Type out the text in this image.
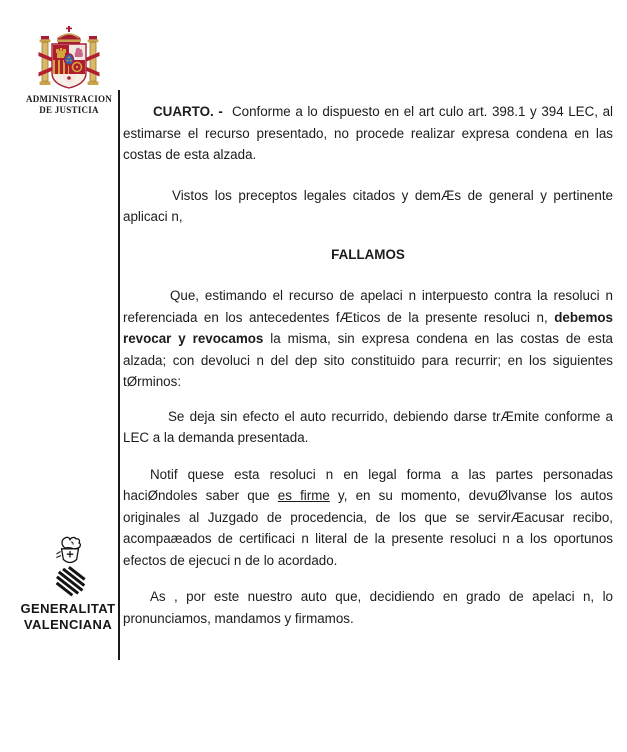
ADMINISTRACION
DE JUSTICIA	CUARTO. -  Conforme a lo dispuesto en el art culo art. 398.1 y 394 LEC, al estimarse el recurso presentado, no procede realizar expresa condena en las costas de esta alzada.

Vistos los preceptos legales citados y demÆs de general y pertinente aplicaci n,

FALLAMOS

Que, estimando el recurso de apelaci n interpuesto contra la resoluci n referenciada en los antecedentes fÆticos de la presente resoluci n, debemos revocar y revocamos la misma, sin expresa condena en las costas de esta alzada; con devoluci n del dep sito constituido para recurrir; en los siguientes tØrminos:

Se deja sin efecto el auto recurrido, debiendo darse trÆmite conforme a LEC a la demanda presentada.

Notif quese esta resoluci n en legal forma a las partes personadas haciØndoles saber que es firme y, en su momento, devuØlvanse los autos originales al Juzgado de procedencia, de los que se servirÆacusar recibo, acompaæados de certificaci n literal de la presente resoluci n a los oportunos efectos de ejecuci n de lo acordado.

As , por este nuestro auto que, decidiendo en grado de apelaci n, lo pronunciamos, mandamos y firmamos.

GENERALITAT
VALENCIANA
